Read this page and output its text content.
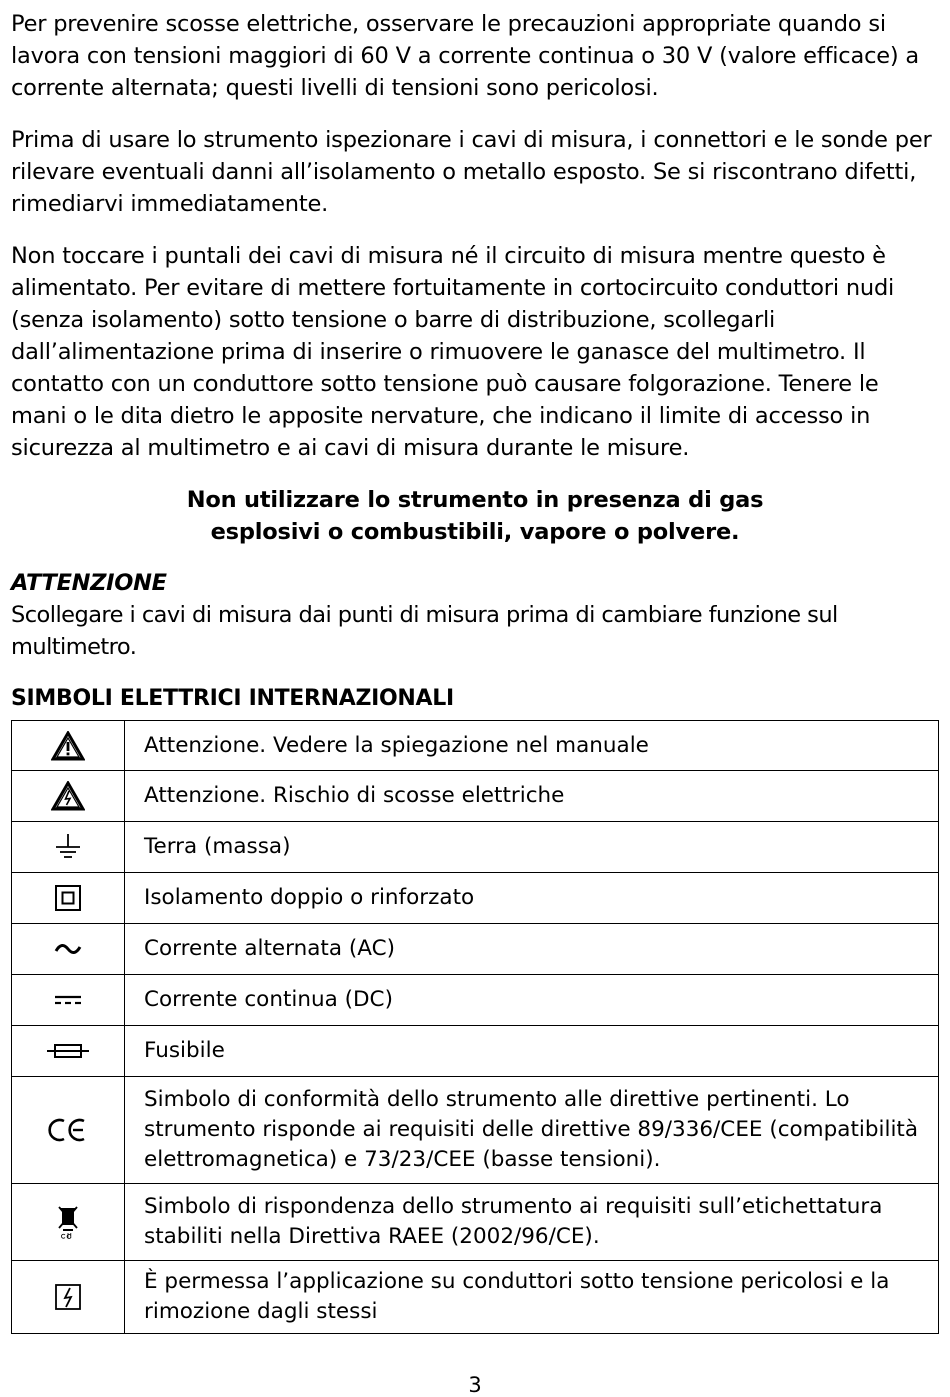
Per prevenire scosse elettriche, osservare le precauzioni appropriate quando si lavora con tensioni maggiori di 60 V a corrente continua o 30 V (valore efficace) a corrente alternata; questi livelli di tensioni sono pericolosi.

Prima di usare lo strumento ispezionare i cavi di misura, i connettori e le sonde per rilevare eventuali danni all’isolamento o metallo esposto. Se si riscontrano difetti, rimediarvi immediatamente.

Non toccare i puntali dei cavi di misura né il circuito di misura mentre questo è alimentato. Per evitare di mettere fortuitamente in cortocircuito conduttori nudi (senza isolamento) sotto tensione o barre di distribuzione, scollegarli dall’alimentazione prima di inserire o rimuovere le ganasce del multimetro. Il contatto con un conduttore sotto tensione può causare folgorazione. Tenere le mani o le dita dietro le apposite nervature, che indicano il limite di accesso in sicurezza al multimetro e ai cavi di misura durante le misure.

Non utilizzare lo strumento in presenza di gas
esplosivi o combustibili, vapore o polvere.
ATTENZIONE
Scollegare i cavi di misura dai punti di misura prima di cambiare funzione sul multimetro.
SIMBOLI ELETTRICI INTERNAZIONALI
	Attenzione. Vedere la spiegazione nel manuale
	Attenzione. Rischio di scosse elettriche
	Terra (massa)
	Isolamento doppio o rinforzato
	Corrente alternata (AC)
	Corrente continua (DC)
	Fusibile
	Simbolo di conformità dello strumento alle direttive pertinenti. Lo strumento risponde ai requisiti delle direttive 89/336/CEE (compatibilità elettromagnetica) e 73/23/CEE (basse tensioni).
	Simbolo di rispondenza dello strumento ai requisiti sull’etichettatura stabiliti nella Direttiva RAEE (2002/96/CE).
	È permessa l’applicazione su conduttori sotto tensione pericolosi e la rimozione dagli stessi
3
